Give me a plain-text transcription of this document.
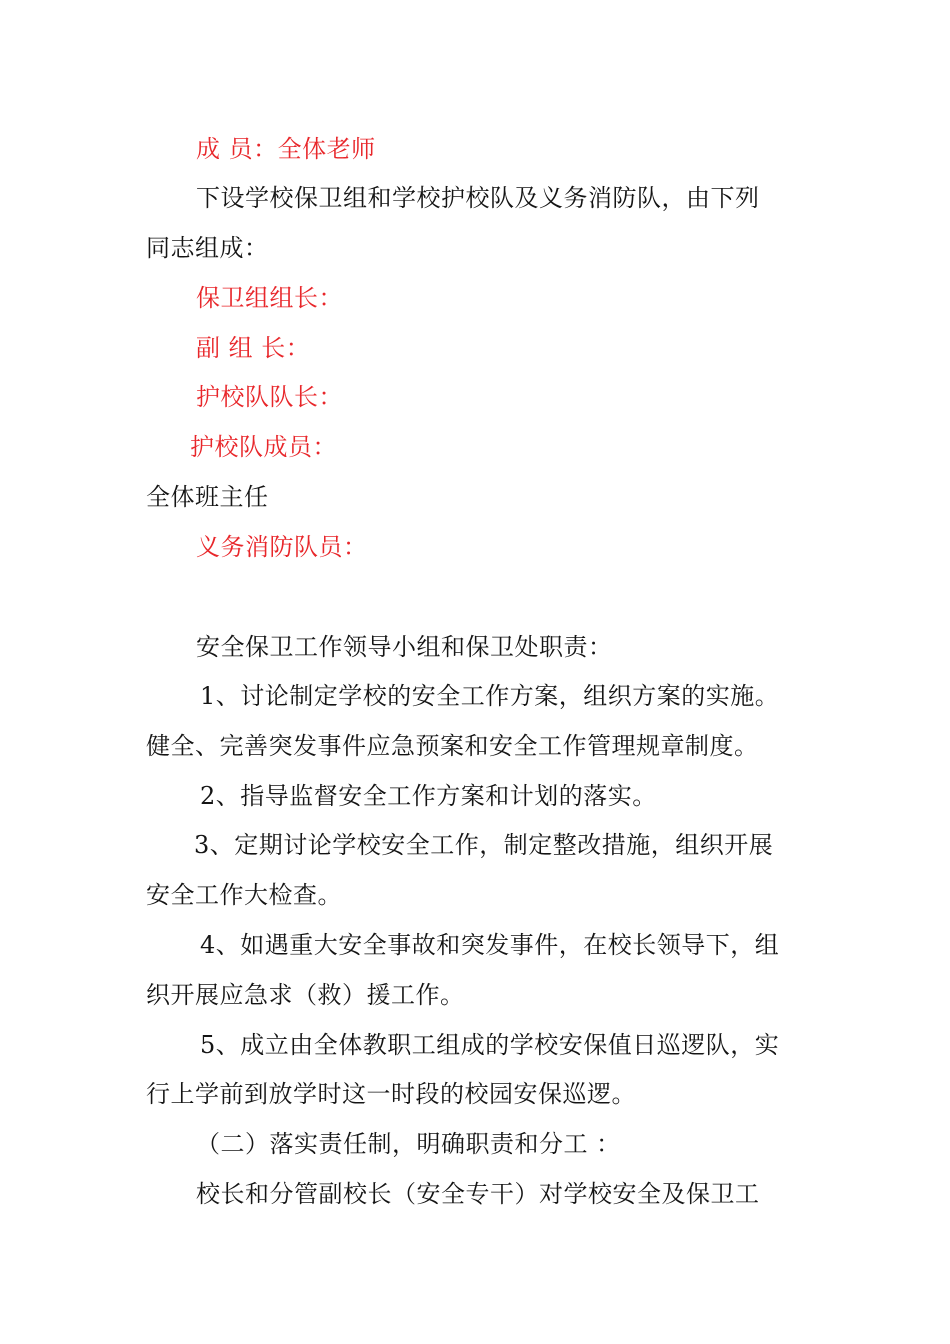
成 员：全体老师
下设学校保卫组和学校护校队及义务消防队，由下列
同志组成：
保卫组组长：
副 组 长：
护校队队长：
护校队成员：
全体班主任
义务消防队员：
安全保卫工作领导小组和保卫处职责：
1、讨论制定学校的安全工作方案，组织方案的实施。
健全、完善突发事件应急预案和安全工作管理规章制度。
2、指导监督安全工作方案和计划的落实。
3、定期讨论学校安全工作，制定整改措施，组织开展
安全工作大检查。
4、如遇重大安全事故和突发事件，在校长领导下，组
织开展应急求（救）援工作。
5、成立由全体教职工组成的学校安保值日巡逻队，实
行上学前到放学时这一时段的校园安保巡逻。
（二）落实责任制，明确职责和分工 ：
校长和分管副校长（安全专干）对学校安全及保卫工
